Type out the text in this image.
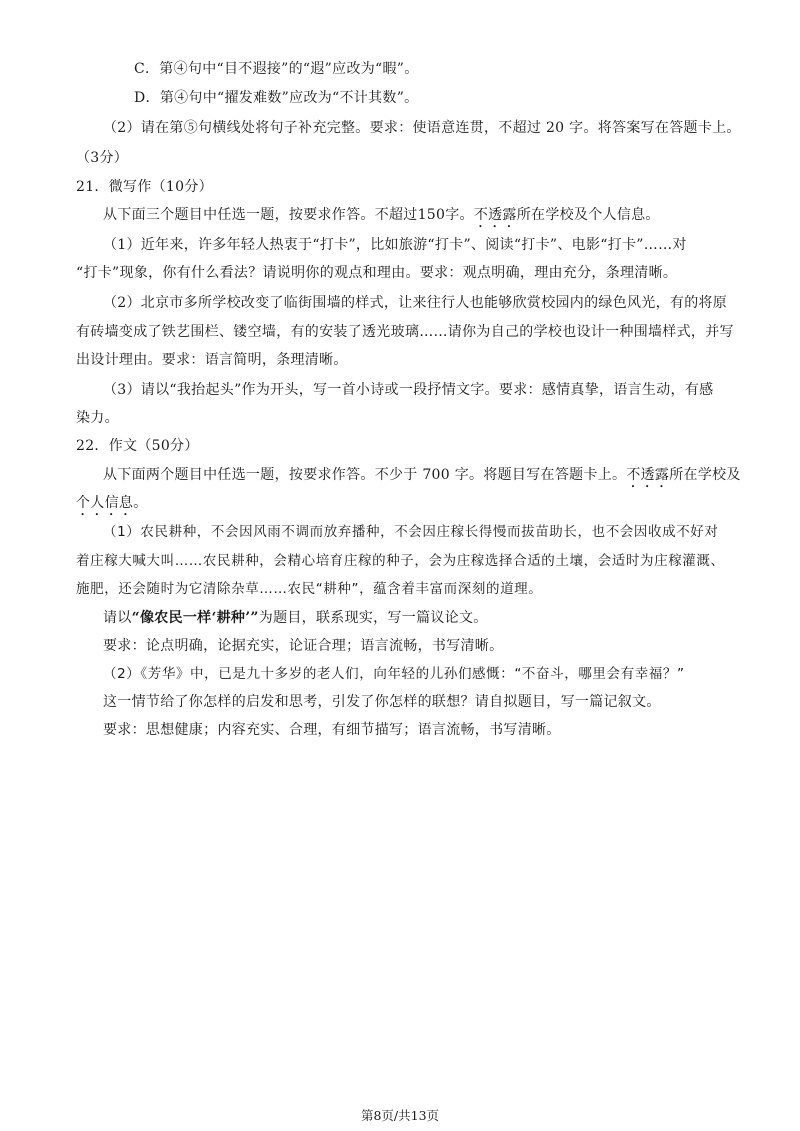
C．第④句中“目不遐接”的“遐”应改为“暇”。
D．第④句中“擢发难数”应改为“不计其数”。
（2）请在第⑤句横线处将句子补充完整。要求：使语意连贯，不超过 20 字。将答案写在答题卡上。
（3分）
21．微写作（10分）
从下面三个题目中任选一题，按要求作答。不超过150字。不透露所在学校及个人信息。
（1）近年来，许多年轻人热衷于“打卡”，比如旅游“打卡”、阅读“打卡”、电影“打卡”……对
“打卡”现象，你有什么看法？请说明你的观点和理由。要求：观点明确，理由充分，条理清晰。
（2）北京市多所学校改变了临街围墙的样式，让来往行人也能够欣赏校园内的绿色风光，有的将原
有砖墙变成了铁艺围栏、镂空墙，有的安装了透光玻璃……请你为自己的学校也设计一种围墙样式，并写
出设计理由。要求：语言简明，条理清晰。
（3）请以“我抬起头”作为开头，写一首小诗或一段抒情文字。要求：感情真挚，语言生动，有感
染力。
22．作文（50分）
从下面两个题目中任选一题，按要求作答。不少于 700 字。将题目写在答题卡上。不透露所在学校及
个人信息。
（1）农民耕种，不会因风雨不调而放弃播种，不会因庄稼长得慢而拔苗助长，也不会因收成不好对
着庄稼大喊大叫……农民耕种，会精心培育庄稼的种子，会为庄稼选择合适的土壤，会适时为庄稼灌溉、
施肥，还会随时为它清除杂草……农民“耕种”，蕴含着丰富而深刻的道理。
请以“像农民一样‘耕种’”为题目，联系现实，写一篇议论文。
要求：论点明确，论据充实，论证合理；语言流畅，书写清晰。
（2）《芳华》中，已是九十多岁的老人们，向年轻的儿孙们感慨：“不奋斗，哪里会有幸福？”
这一情节给了你怎样的启发和思考，引发了你怎样的联想？请自拟题目，写一篇记叙文。
要求：思想健康；内容充实、合理，有细节描写；语言流畅，书写清晰。
第8页/共13页
